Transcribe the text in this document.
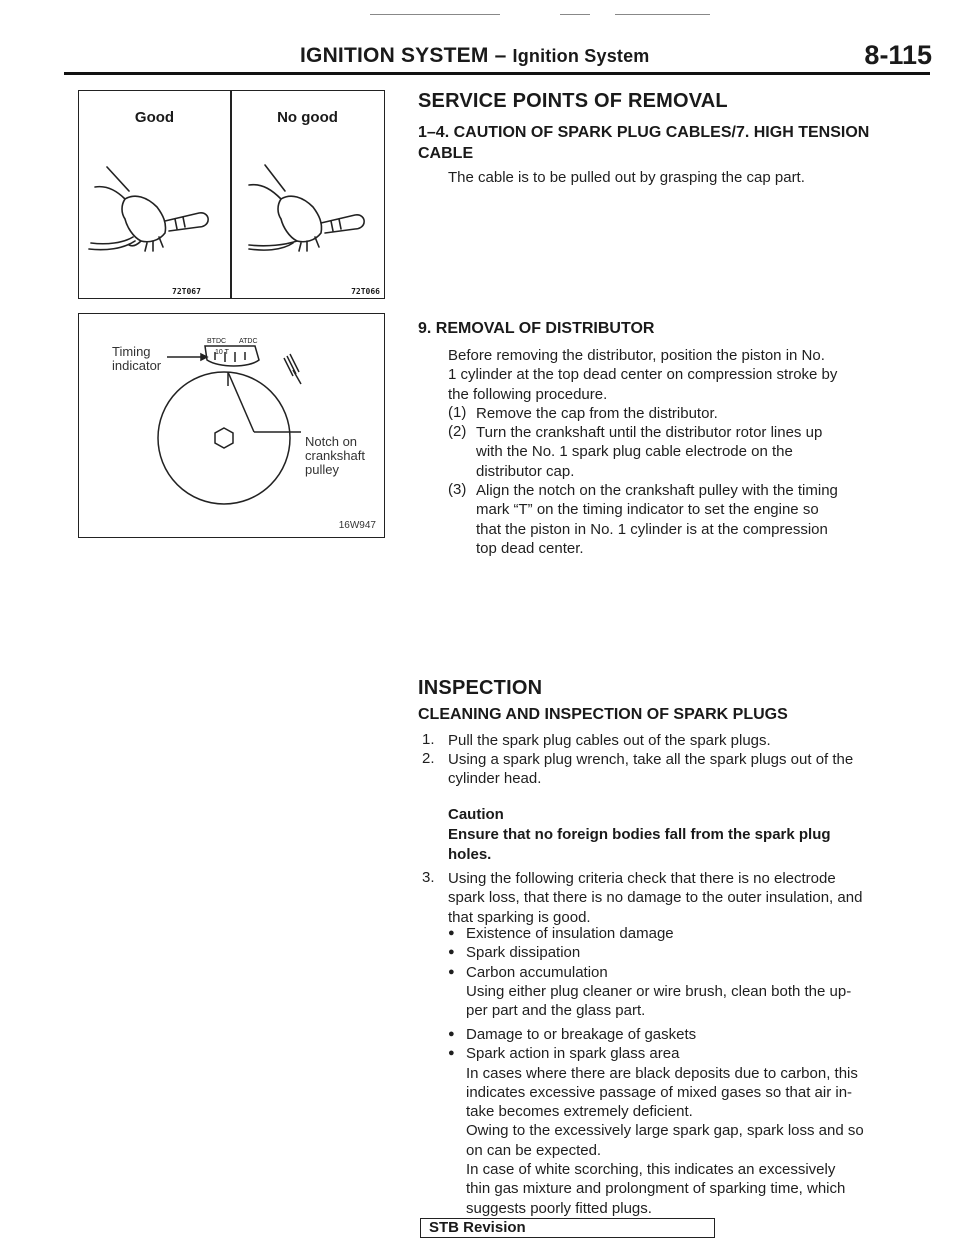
IGNITION SYSTEM – Ignition System	8-115
Good	No good
72T067	72T066
Timing
indicator
Notch on
crankshaft
pulley
BTDC ATDC
10 T
16W947
SERVICE POINTS OF REMOVAL
1–4. CAUTION OF SPARK PLUG CABLES/7. HIGH TENSION
CABLE
The cable is to be pulled out by grasping the cap part.
9. REMOVAL OF DISTRIBUTOR
Before removing the distributor, position the piston in No.
1 cylinder at the top dead center on compression stroke by
the following procedure.
(1) Remove the cap from the distributor.
(2) Turn the crankshaft until the distributor rotor lines up
with the No. 1 spark plug cable electrode on the
distributor cap.
(3) Align the notch on the crankshaft pulley with the timing
mark “T” on the timing indicator to set the engine so
that the piston in No. 1 cylinder is at the compression
top dead center.
INSPECTION
CLEANING AND INSPECTION OF SPARK PLUGS
1. Pull the spark plug cables out of the spark plugs.
2. Using a spark plug wrench, take all the spark plugs out of the
cylinder head.
Caution
Ensure that no foreign bodies fall from the spark plug
holes.
3. Using the following criteria check that there is no electrode
spark loss, that there is no damage to the outer insulation, and
that sparking is good.
● Existence of insulation damage
● Spark dissipation
● Carbon accumulation
Using either plug cleaner or wire brush, clean both the up-
per part and the glass part.
● Damage to or breakage of gaskets
● Spark action in spark glass area
In cases where there are black deposits due to carbon, this
indicates excessive passage of mixed gases so that air in-
take becomes extremely deficient.
Owing to the excessively large spark gap, spark loss and so
on can be expected.
In case of white scorching, this indicates an excessively
thin gas mixture and prolongment of sparking time, which
suggests poorly fitted plugs.
STB Revision
